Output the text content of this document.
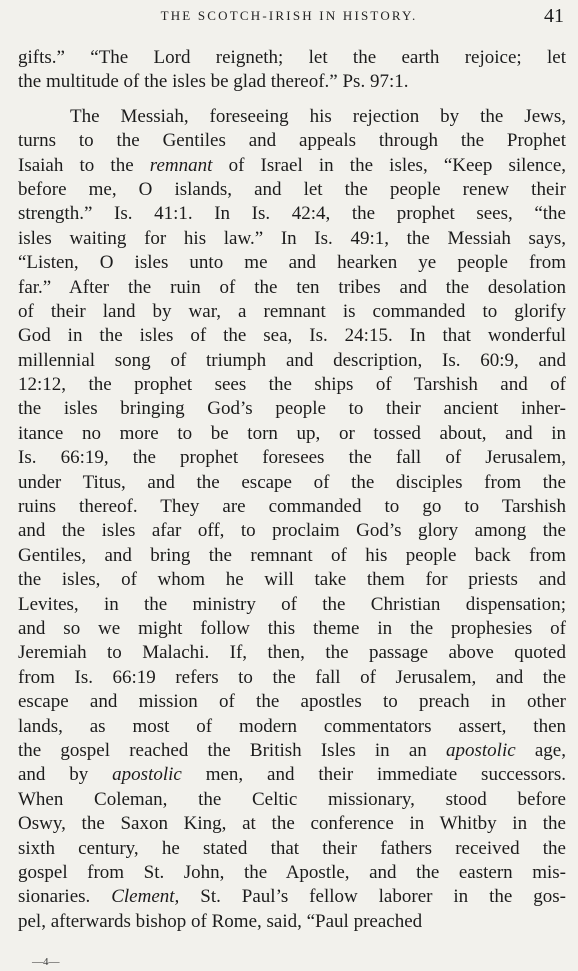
THE SCOTCH-IRISH IN HISTORY.	41
gifts.” “The Lord reigneth; let the earth rejoice; let
the multitude of the isles be glad thereof.” Ps. 97:1.
The Messiah, foreseeing his rejection by the Jews,
turns to the Gentiles and appeals through the Prophet
Isaiah to the remnant of Israel in the isles, “Keep silence,
before me, O islands, and let the people renew their
strength.” Is. 41:1. In Is. 42:4, the prophet sees, “the
isles waiting for his law.” In Is. 49:1, the Messiah says,
“Listen, O isles unto me and hearken ye people from
far.” After the ruin of the ten tribes and the desolation
of their land by war, a remnant is commanded to glorify
God in the isles of the sea, Is. 24:15. In that wonderful
millennial song of triumph and description, Is. 60:9, and
12:12, the prophet sees the ships of Tarshish and of
the isles bringing God’s people to their ancient inher-
itance no more to be torn up, or tossed about, and in
Is. 66:19, the prophet foresees the fall of Jerusalem,
under Titus, and the escape of the disciples from the
ruins thereof. They are commanded to go to Tarshish
and the isles afar off, to proclaim God’s glory among the
Gentiles, and bring the remnant of his people back from
the isles, of whom he will take them for priests and
Levites, in the ministry of the Christian dispensation;
and so we might follow this theme in the prophesies of
Jeremiah to Malachi. If, then, the passage above quoted
from Is. 66:19 refers to the fall of Jerusalem, and the
escape and mission of the apostles to preach in other
lands, as most of modern commentators assert, then
the gospel reached the British Isles in an apostolic age,
and by apostolic men, and their immediate successors.
When Coleman, the Celtic missionary, stood before
Oswy, the Saxon King, at the conference in Whitby in the
sixth century, he stated that their fathers received the
gospel from St. John, the Apostle, and the eastern mis-
sionaries. Clement, St. Paul’s fellow laborer in the gos-
pel, afterwards bishop of Rome, said, “Paul preached
—4—
